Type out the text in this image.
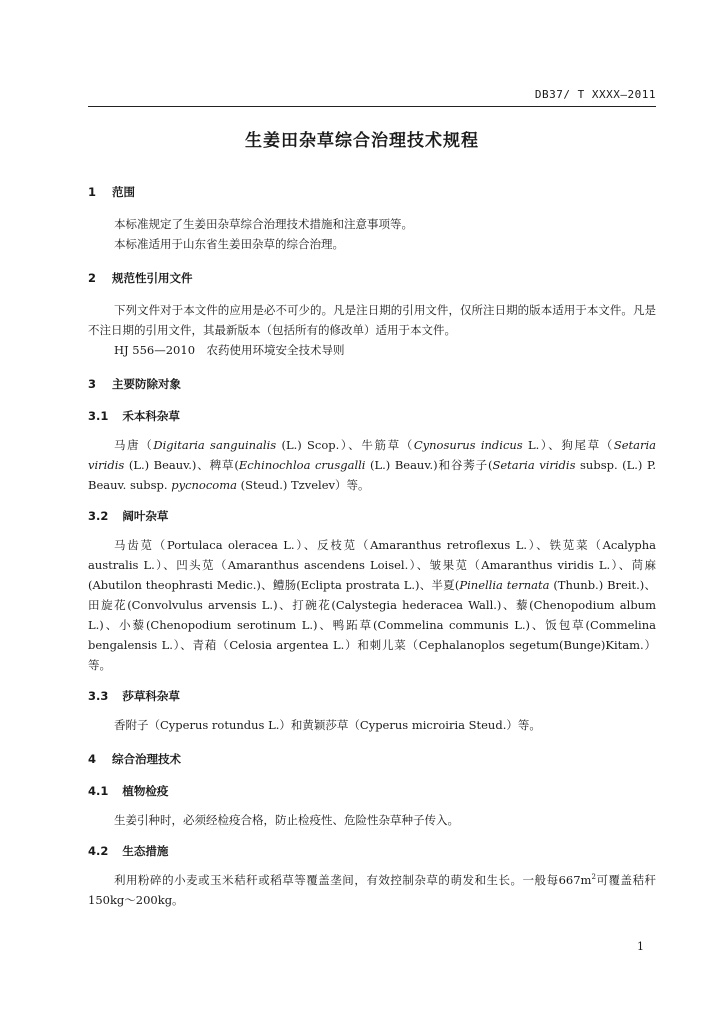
DB37/ T XXXX—2011
生姜田杂草综合治理技术规程
1 范围

本标准规定了生姜田杂草综合治理技术措施和注意事项等。

本标准适用于山东省生姜田杂草的综合治理。

2 规范性引用文件

下列文件对于本文件的应用是必不可少的。凡是注日期的引用文件，仅所注日期的版本适用于本文件。凡是不注日期的引用文件，其最新版本（包括所有的修改单）适用于本文件。

HJ 556—2010　农药使用环境安全技术导则

3 主要防除对象
3.1 禾本科杂草

马唐（Digitaria sanguinalis (L.) Scop.）、牛筋草（Cynosurus indicus L.）、狗尾草（Setaria viridis (L.) Beauv.)、稗草(Echinochloa crusgalli (L.) Beauv.)和谷莠子(Setaria viridis subsp. (L.) P. Beauv. subsp. pycnocoma (Steud.) Tzvelev）等。

3.2 阔叶杂草

马齿苋（Portulaca oleracea L.）、反枝苋（Amaranthus retroflexus L.）、铁苋菜（Acalypha australis L.）、凹头苋（Amaranthus ascendens Loisel.）、皱果苋（Amaranthus viridis L.）、苘麻(Abutilon theophrasti Medic.)、鳢肠(Eclipta prostrata L.)、半夏(Pinellia ternata (Thunb.) Breit.)、田旋花(Convolvulus arvensis L.)、打碗花(Calystegia hederacea Wall.)、藜(Chenopodium album L.)、小藜(Chenopodium serotinum L.)、鸭跖草(Commelina communis L.)、饭包草(Commelina bengalensis L.）、青葙（Celosia argentea L.）和刺儿菜（Cephalanoplos segetum(Bunge)Kitam.）等。

3.3 莎草科杂草

香附子（Cyperus rotundus L.）和黄颖莎草（Cyperus microiria Steud.）等。

4 综合治理技术
4.1 植物检疫

生姜引种时，必须经检疫合格，防止检疫性、危险性杂草种子传入。

4.2 生态措施

利用粉碎的小麦或玉米秸秆或稻草等覆盖垄间，有效控制杂草的萌发和生长。一般每$667m^2$可覆盖秸秆150kg～200kg。

1
